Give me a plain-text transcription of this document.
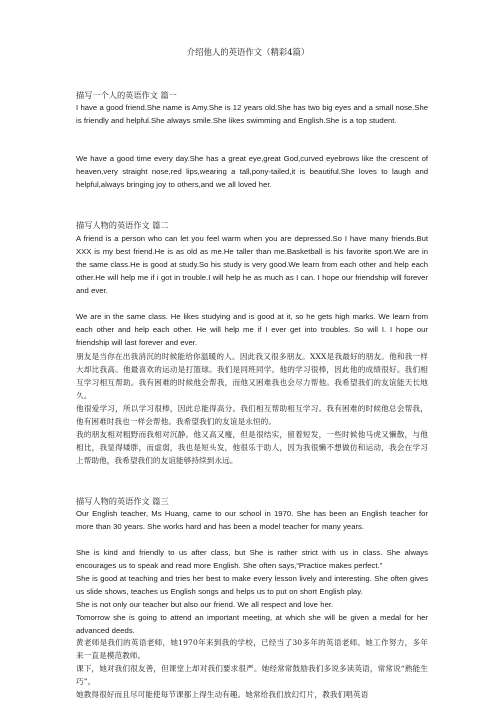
介绍他人的英语作文（精彩4篇）
描写一个人的英语作文 篇一
I have a good friend.She name is Amy.She is 12 years old.She has two big eyes and a small nose.She is friendly and helpful.She always smile.She likes swimming and English.She is a top student.
We have a good time every day.She has a great eye,great God,curved eyebrows like the crescent of heaven,very straight nose,red lips,wearing a tall,pony-tailed,it is beautiful.She loves to laugh and helpful,always bringing joy to others,and we all loved her.
描写人物的英语作文 篇二
A friend is a person who can let you feel warm when you are depressed.So I have many friends.But XXX is my best friend.He is as old as me.He taller than me.Basketball is his favorite sport.We are in the same class.He is good at study.So his study is very good.We learn from each other and help each other.He will help me if i got in trouble.I will help he as much as I can. I hope our friendship will forever and ever.
We are in the same class. He likes studying and is good at it, so he gets high marks. We learn from each other and help each other. He will help me if I ever get into troubles. So will I. I hope our friendship will last forever and ever.
朋友是当你在出我消沉的时候能给你温暖的人。因此我又很多朋友。XXX是我最好的朋友。他和我一样大却比我高。他最喜欢的运动是打篮球。我们是同班同学。他的学习很棒，因此他的成绩很好。我们相互学习相互帮助。我有困难的时候他会帮我，而他又困难我也会尽力帮他。我希望我们的友谊能天长地久。
他很爱学习，所以学习很棒，因此总能得高分。我们相互帮助相互学习。我有困难的时候他总会帮我，他有困难时我也一样会帮他。我希望我们的友谊是永恒的。
我的朋友相对粗野而我相对沉静。他又高又瘦，但是很结实，留着短发，一些时候他马虎又懒散，与他相比，我显得矮胖，而虚弱，我也是短头发，他很乐于助人，因为我很懒不想做仿和运动，我会在学习上帮助他，我希望我们的友谊能够持续到永远。
描写人物的英语作文 篇三
Our English teacher, Ms Huang, came to our school in 1970. She has been an English teacher for more than 30 years. She works hard and has been a model teacher for many years.
She is kind and friendly to us after class, but She is rather strict with us in class. She always encourages us to speak and read more English. She often says,“Practice makes perfect.”
She is good at teaching and tries her best to make every lesson lively and interesting. She often gives us slide shows, teaches us English songs and helps us to put on short English play.
She is not only our teacher but also our friend. We all respect and love her.
Tomorrow she is going to attend an important meeting, at which she will be given a medal for her advanced deeds.
黄老师是我们的英语老师，她1970年来到我的学校，已经当了30多年的英语老师。她工作努力，多年来一直是模范教师。
课下，她对我们很友善，但课堂上却对我们要求很严。她经常常鼓励我们多说多读英语，常常说“熟能生巧”。
她教得很好而且尽可能使每节课都上得生动有趣。她常给我们放幻灯片，教我们唱英语
